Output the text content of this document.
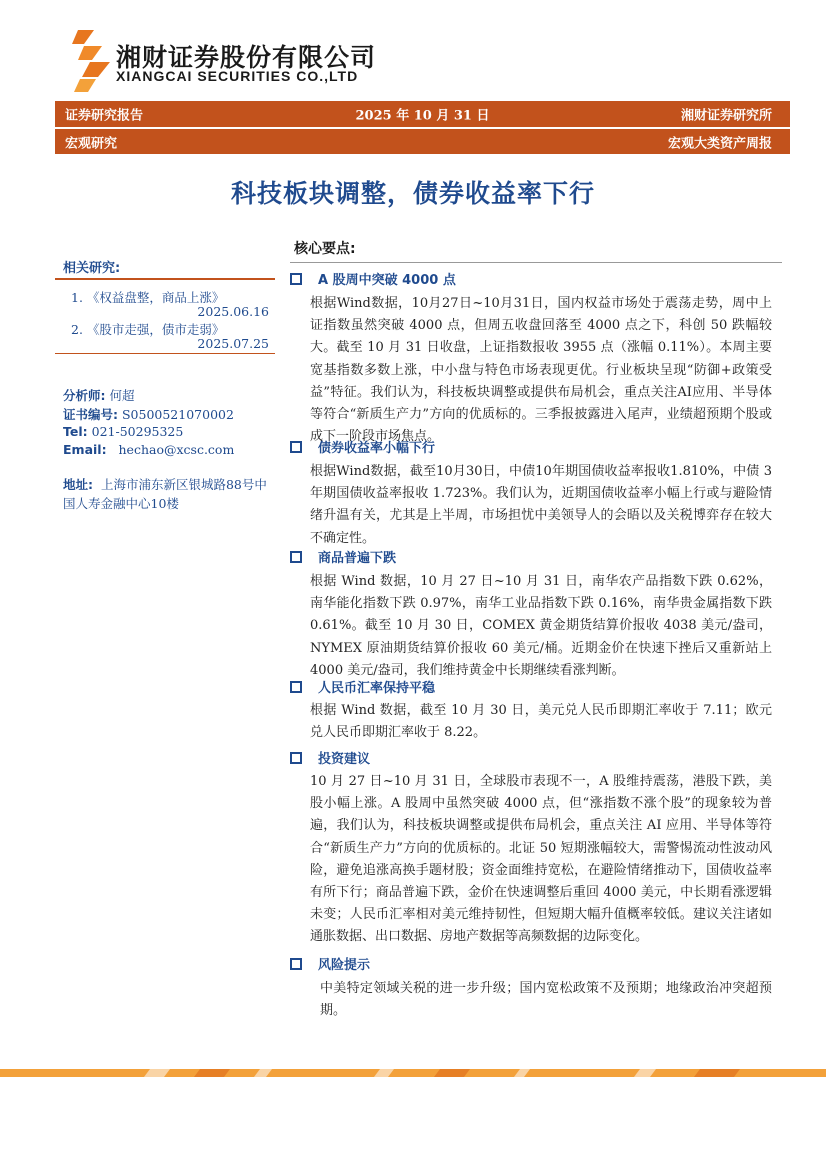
湘财证券股份有限公司
XIANGCAI SECURITIES CO.,LTD
证券研究报告	2025 年 10 月 31 日	湘财证券研究所
宏观研究	宏观大类资产周报
科技板块调整，债券收益率下行
相关研究:
1. 《权益盘整，商品上涨》
2025.06.16
2. 《股市走强，债市走弱》
2025.07.25
分析师: 何超
证书编号: S0500521070002
Tel: 021-50295325
Email: hechao@xcsc.com
地址: 上海市浦东新区银城路88号中国人寿金融中心10楼
核心要点:
A 股周中突破 4000 点
根据Wind数据，10月27日~10月31日，国内权益市场处于震荡走势，周中上证指数虽然突破 4000 点，但周五收盘回落至 4000 点之下，科创 50 跌幅较大。截至 10 月 31 日收盘，上证指数报收 3955 点（涨幅 0.11%）。本周主要宽基指数多数上涨，中小盘与特色市场表现更优。行业板块呈现“防御+政策受益”特征。我们认为，科技板块调整或提供布局机会，重点关注AI应用、半导体等符合“新质生产力”方向的优质标的。三季报披露进入尾声，业绩超预期个股或成下一阶段市场焦点。
债券收益率小幅下行
根据Wind数据，截至10月30日，中债10年期国债收益率报收1.810%，中债 3 年期国债收益率报收 1.723%。我们认为，近期国债收益率小幅上行或与避险情绪升温有关，尤其是上半周，市场担忧中美领导人的会晤以及关税博弈存在较大不确定性。
商品普遍下跌
根据 Wind 数据，10 月 27 日~10 月 31 日，南华农产品指数下跌 0.62%，南华能化指数下跌 0.97%，南华工业品指数下跌 0.16%，南华贵金属指数下跌 0.61%。截至 10 月 30 日，COMEX 黄金期货结算价报收 4038 美元/盎司，NYMEX 原油期货结算价报收 60 美元/桶。近期金价在快速下挫后又重新站上 4000 美元/盎司，我们维持黄金中长期继续看涨判断。
人民币汇率保持平稳
根据 Wind 数据，截至 10 月 30 日，美元兑人民币即期汇率收于 7.11；欧元兑人民币即期汇率收于 8.22。
投资建议
10 月 27 日~10 月 31 日，全球股市表现不一，A 股维持震荡，港股下跌，美股小幅上涨。A 股周中虽然突破 4000 点，但“涨指数不涨个股”的现象较为普遍，我们认为，科技板块调整或提供布局机会，重点关注 AI 应用、半导体等符合“新质生产力”方向的优质标的。北证 50 短期涨幅较大，需警惕流动性波动风险，避免追涨高换手题材股；资金面维持宽松，在避险情绪推动下，国债收益率有所下行；商品普遍下跌，金价在快速调整后重回 4000 美元，中长期看涨逻辑未变；人民币汇率相对美元维持韧性，但短期大幅升值概率较低。建议关注诸如通胀数据、出口数据、房地产数据等高频数据的边际变化。
风险提示
中美特定领域关税的进一步升级；国内宽松政策不及预期；地缘政治冲突超预期。
